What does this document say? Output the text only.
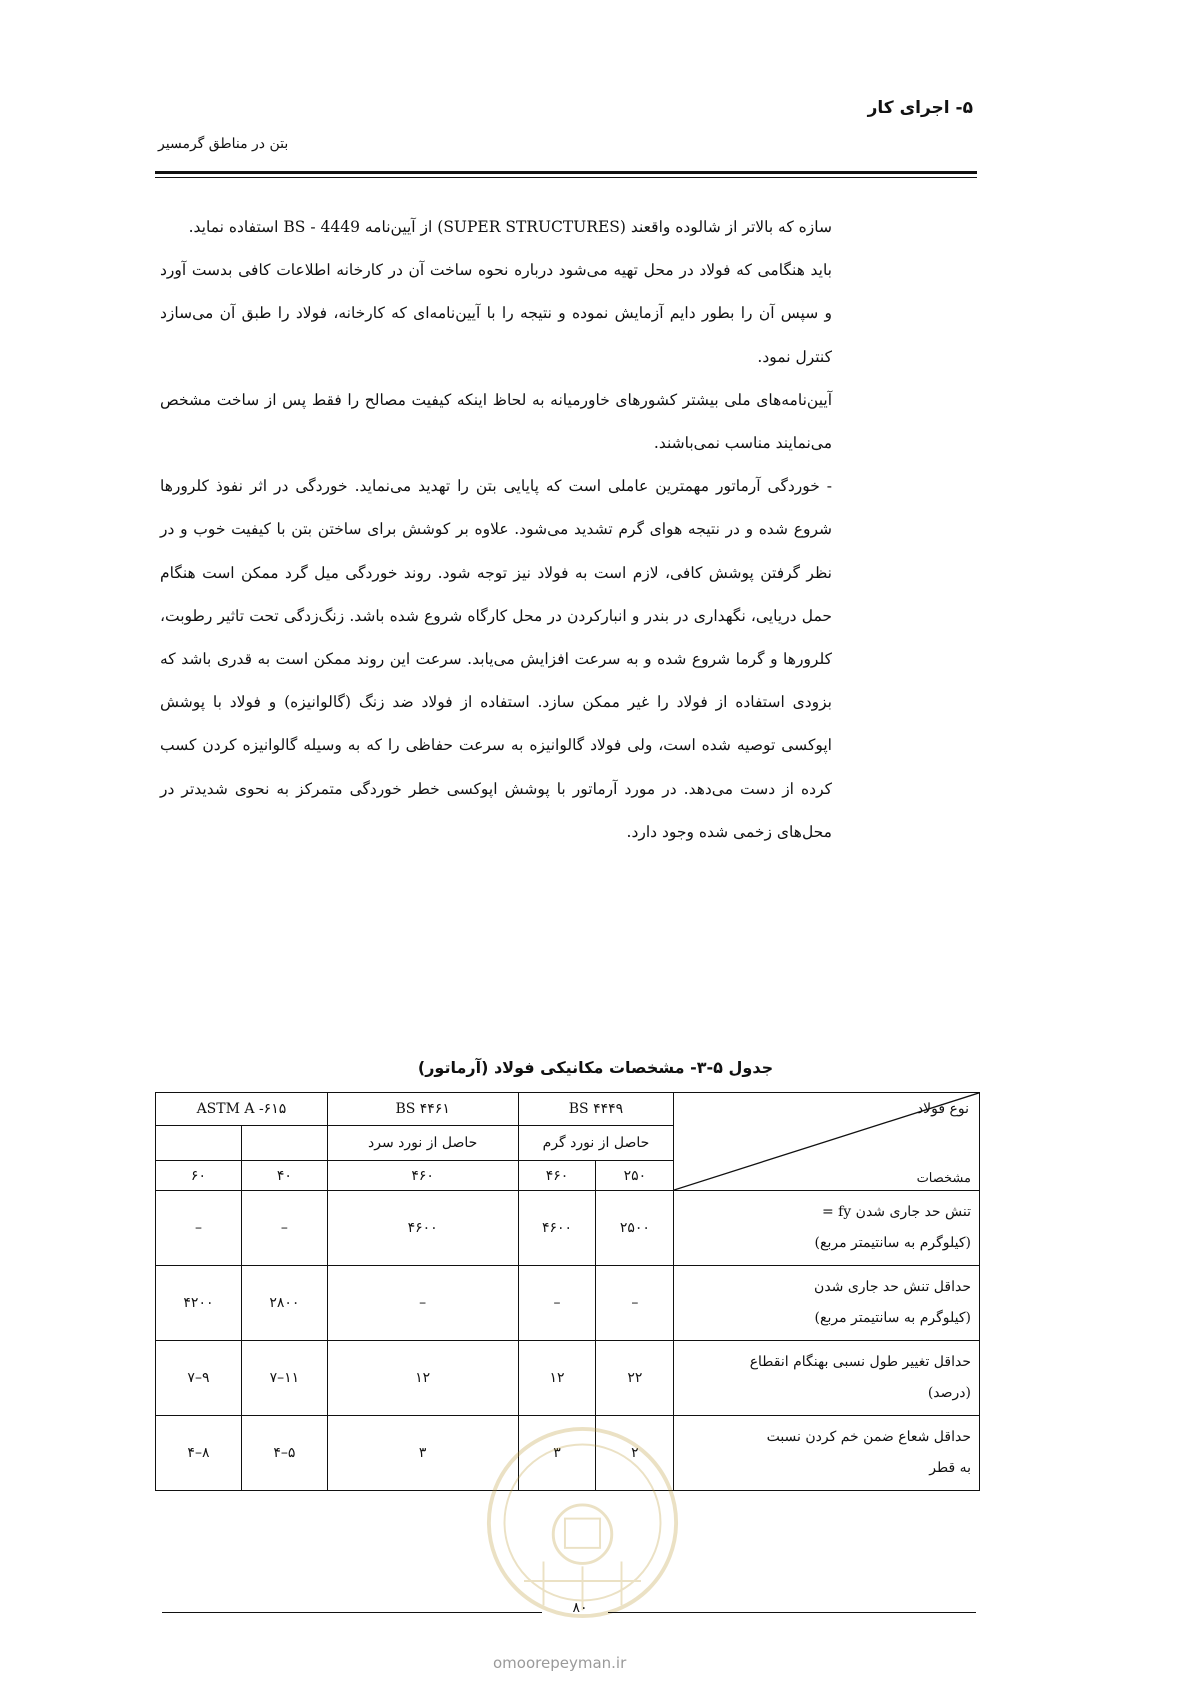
۵- اجرای کار
بتن در مناطق گرمسیر

سازه که بالاتر از شالوده واقعند (SUPER STRUCTURES) از آیین‌نامه BS - 4449 استفاده نماید.

باید هنگامی که فولاد در محل تهیه می‌شود درباره نحوه ساخت آن در کارخانه اطلاعات کافی بدست آورد و سپس آن را بطور دایم آزمایش نموده و نتیجه را با آیین‌نامه‌ای که کارخانه، فولاد را طبق آن می‌سازد کنترل نمود.

آیین‌نامه‌های ملی بیشتر کشورهای خاورمیانه به لحاظ اینکه کیفیت مصالح را فقط پس از ساخت مشخص می‌نمایند مناسب نمی‌باشند.

- خوردگی آرماتور مهمترین عاملی است که پایایی بتن را تهدید می‌نماید. خوردگی در اثر نفوذ کلرورها شروع شده و در نتیجه هوای گرم تشدید می‌شود. علاوه بر کوشش برای ساختن بتن با کیفیت خوب و در نظر گرفتن پوشش کافی، لازم است به فولاد نیز توجه شود. روند خوردگی میل گرد ممکن است هنگام حمل دریایی، نگهداری در بندر و انبارکردن در محل کارگاه شروع شده باشد. زنگ‌زدگی تحت تاثیر رطوبت، کلرورها و گرما شروع شده و به سرعت افزایش می‌یابد. سرعت این روند ممکن است به قدری باشد که بزودی استفاده از فولاد را غیر ممکن سازد. استفاده از فولاد ضد زنگ (گالوانیزه) و فولاد با پوشش اپوکسی توصیه شده است، ولی فولاد گالوانیزه به سرعت حفاظی را که به وسیله گالوانیزه کردن کسب کرده از دست می‌دهد. در مورد آرماتور با پوشش اپوکسی خطر خوردگی متمرکز به نحوی شدیدتر در محل‌های زخمی شده وجود دارد.

جدول ۵-۳- مشخصات مکانیکی فولاد (آرماتور)
ASTM A -۶۱۵		BS ۴۴۶۱	BS ۴۴۴۹		نوع فولاد
مشخصات

		حاصل از نورد سرد	حاصل از نورد گرم		
۶۰	۴۰	۴۶۰	۴۶۰	۲۵۰	
–	–	۴۶۰۰	۴۶۰۰	۲۵۰۰	تنش حد جاری شدن fy =
(کیلوگرم به سانتیمتر مربع)

۴۲۰۰	۲۸۰۰	–	–	–	حداقل تنش حد جاری شدن
(کیلوگرم به سانتیمتر مربع)

۷–۹	۷–۱۱	۱۲	۱۲	۲۲	حداقل تغییر طول نسبی بهنگام انقطاع
(درصد)

۴–۸	۴–۵	۳	۳	۲	حداقل شعاع ضمن خم کردن نسبت
به قطر
۸۰
omoorepeyman.ir
